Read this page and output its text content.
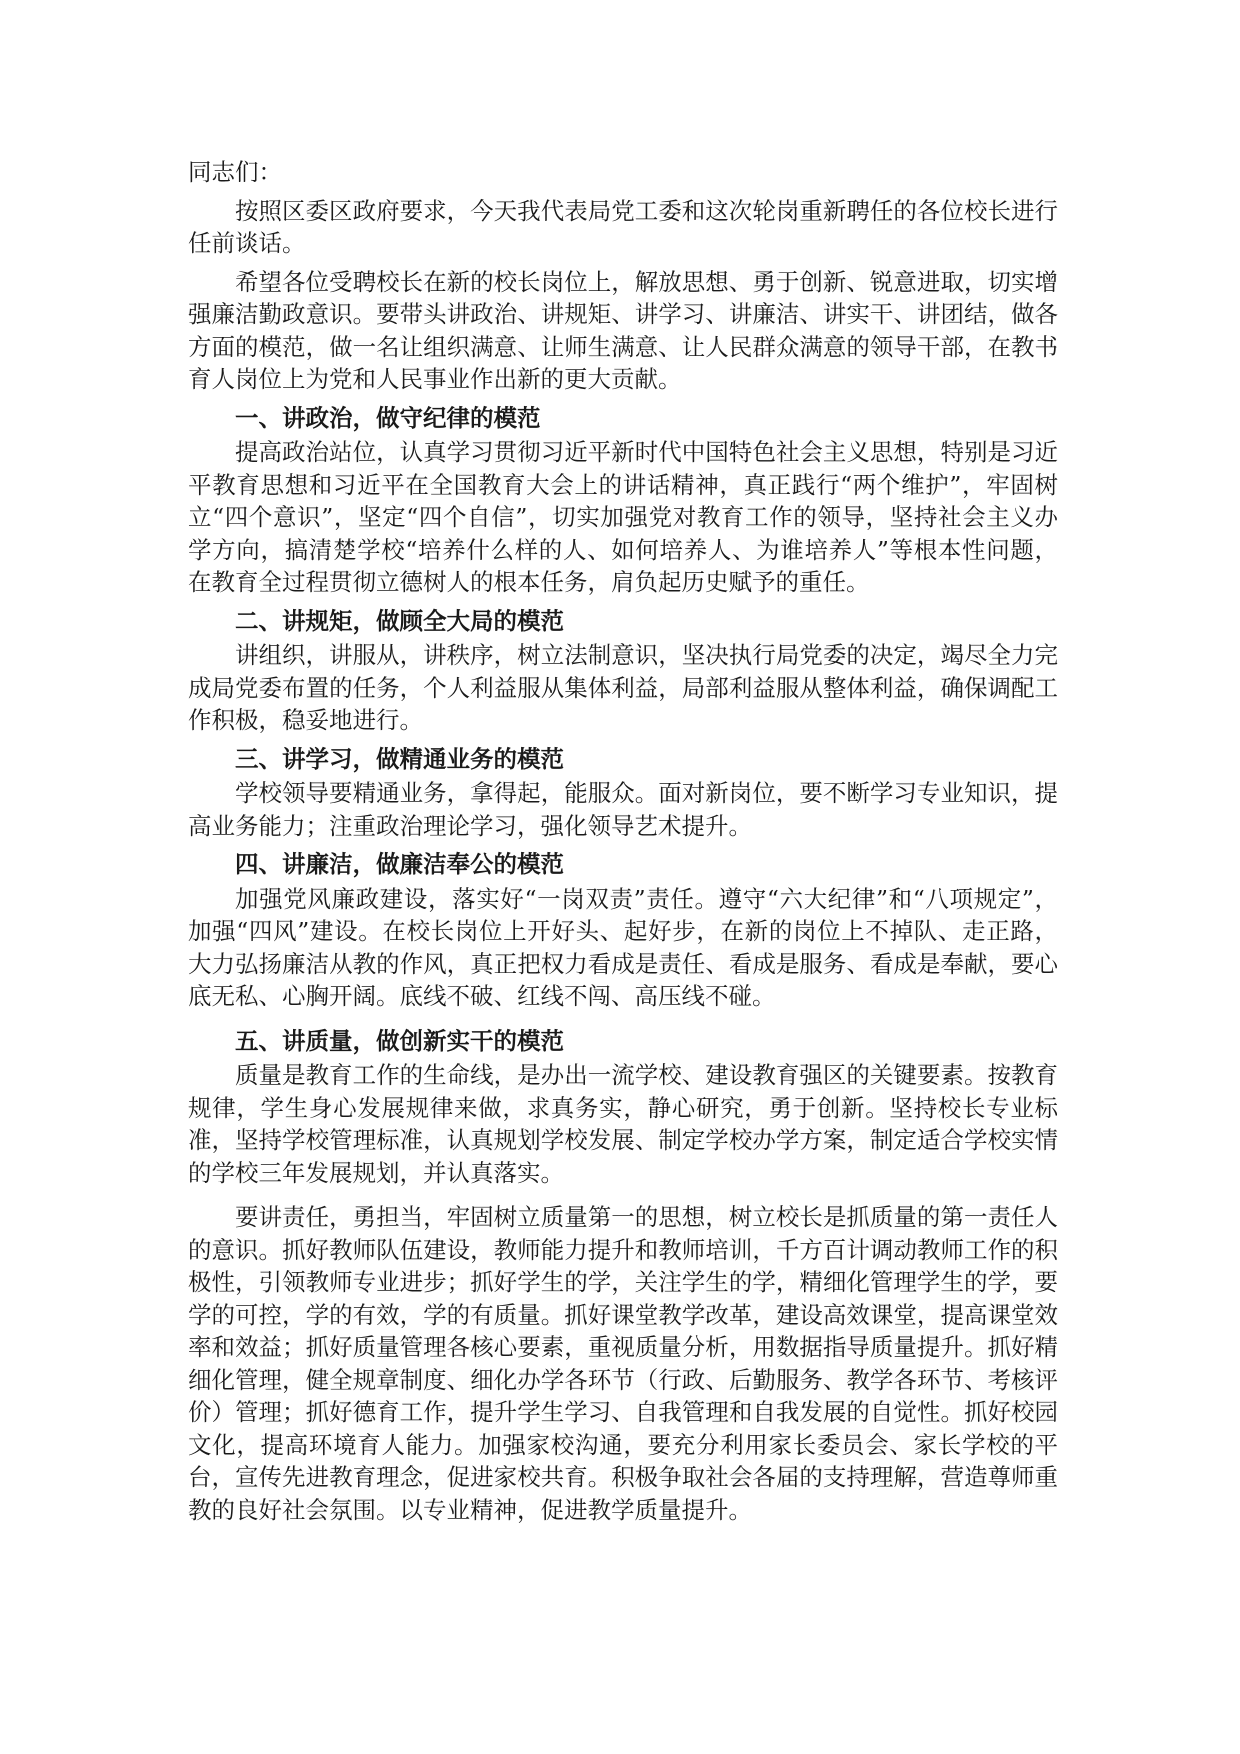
同志们：

按照区委区政府要求，今天我代表局党工委和这次轮岗重新聘任的各位校长进行任前谈话。

希望各位受聘校长在新的校长岗位上，解放思想、勇于创新、锐意进取，切实增强廉洁勤政意识。要带头讲政治、讲规矩、讲学习、讲廉洁、讲实干、讲团结，做各方面的模范，做一名让组织满意、让师生满意、让人民群众满意的领导干部，在教书育人岗位上为党和人民事业作出新的更大贡献。

一、讲政治，做守纪律的模范

提高政治站位，认真学习贯彻习近平新时代中国特色社会主义思想，特别是习近平教育思想和习近平在全国教育大会上的讲话精神，真正践行“两个维护”，牢固树立“四个意识”，坚定“四个自信”，切实加强党对教育工作的领导，坚持社会主义办学方向，搞清楚学校“培养什么样的人、如何培养人、为谁培养人”等根本性问题，在教育全过程贯彻立德树人的根本任务，肩负起历史赋予的重任。

二、讲规矩，做顾全大局的模范

讲组织，讲服从，讲秩序，树立法制意识，坚决执行局党委的决定，竭尽全力完成局党委布置的任务，个人利益服从集体利益，局部利益服从整体利益，确保调配工作积极，稳妥地进行。

三、讲学习，做精通业务的模范

学校领导要精通业务，拿得起，能服众。面对新岗位，要不断学习专业知识，提高业务能力；注重政治理论学习，强化领导艺术提升。

四、讲廉洁，做廉洁奉公的模范

加强党风廉政建设，落实好“一岗双责”责任。遵守“六大纪律”和“八项规定”，加强“四风”建设。在校长岗位上开好头、起好步，在新的岗位上不掉队、走正路，大力弘扬廉洁从教的作风，真正把权力看成是责任、看成是服务、看成是奉献，要心底无私、心胸开阔。底线不破、红线不闯、高压线不碰。

五、讲质量，做创新实干的模范

质量是教育工作的生命线，是办出一流学校、建设教育强区的关键要素。按教育规律，学生身心发展规律来做，求真务实，静心研究，勇于创新。坚持校长专业标准，坚持学校管理标准，认真规划学校发展、制定学校办学方案，制定适合学校实情的学校三年发展规划，并认真落实。

要讲责任，勇担当，牢固树立质量第一的思想，树立校长是抓质量的第一责任人的意识。抓好教师队伍建设，教师能力提升和教师培训，千方百计调动教师工作的积极性，引领教师专业进步；抓好学生的学，关注学生的学，精细化管理学生的学，要学的可控，学的有效，学的有质量。抓好课堂教学改革，建设高效课堂，提高课堂效率和效益；抓好质量管理各核心要素，重视质量分析，用数据指导质量提升。抓好精细化管理，健全规章制度、细化办学各环节（行政、后勤服务、教学各环节、考核评价）管理；抓好德育工作，提升学生学习、自我管理和自我发展的自觉性。抓好校园文化，提高环境育人能力。加强家校沟通，要充分利用家长委员会、家长学校的平台，宣传先进教育理念，促进家校共育。积极争取社会各届的支持理解，营造尊师重教的良好社会氛围。以专业精神，促进教学质量提升。
